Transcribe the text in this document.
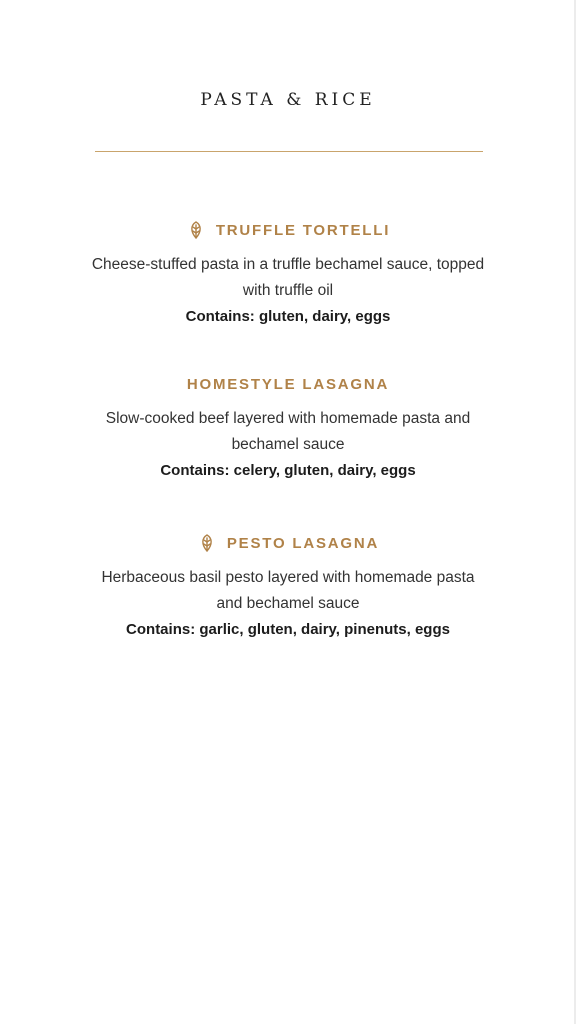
PASTA & RICE
TRUFFLE TORTELLI
Cheese-stuffed pasta in a truffle bechamel sauce, topped with truffle oil
Contains: gluten, dairy, eggs
HOMESTYLE LASAGNA
Slow-cooked beef layered with homemade pasta and bechamel sauce
Contains: celery, gluten, dairy, eggs
PESTO LASAGNA
Herbaceous basil pesto layered with homemade pasta and bechamel sauce
Contains: garlic, gluten, dairy, pinenuts, eggs
